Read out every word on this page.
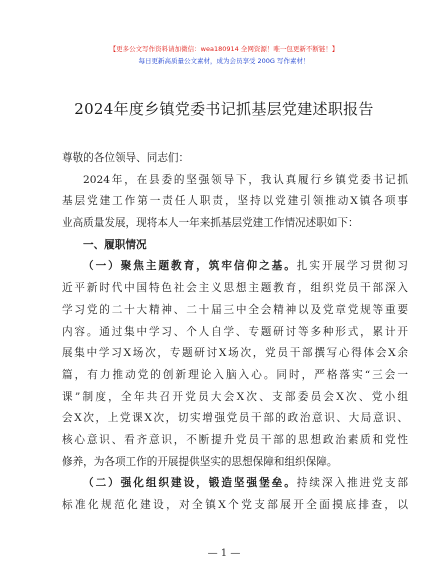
【更多公文写作资料请加微信：wea180914 全网资源！唯一包更新不断链！】
每日更新高质量公文素材，成为会员享受 200G 写作素材！
2024年度乡镇党委书记抓基层党建述职报告
尊敬的各位领导、同志们：
2024年，在县委的坚强领导下，我认真履行乡镇党委书记抓
基层党建工作第一责任人职责，坚持以党建引领推动X镇各项事
业高质量发展，现将本人一年来抓基层党建工作情况述职如下：
一、履职情况
（一）聚焦主题教育，筑牢信仰之基。扎实开展学习贯彻习
近平新时代中国特色社会主义思想主题教育，组织党员干部深入
学习党的二十大精神、二十届三中全会精神以及党章党规等重要
内容。通过集中学习、个人自学、专题研讨等多种形式，累计开
展集中学习X场次，专题研讨X场次，党员干部撰写心得体会X余
篇，有力推动党的创新理论入脑入心。同时，严格落实“三会一
课”制度，全年共召开党员大会X次、支部委员会X次、党小组
会X次，上党课X次，切实增强党员干部的政治意识、大局意识、
核心意识、看齐意识，不断提升党员干部的思想政治素质和党性
修养，为各项工作的开展提供坚实的思想保障和组织保障。
（二）强化组织建设，锻造坚强堡垒。持续深入推进党支部
标准化规范化建设，对全镇X个党支部展开全面摸底排查，以
— 1 —
